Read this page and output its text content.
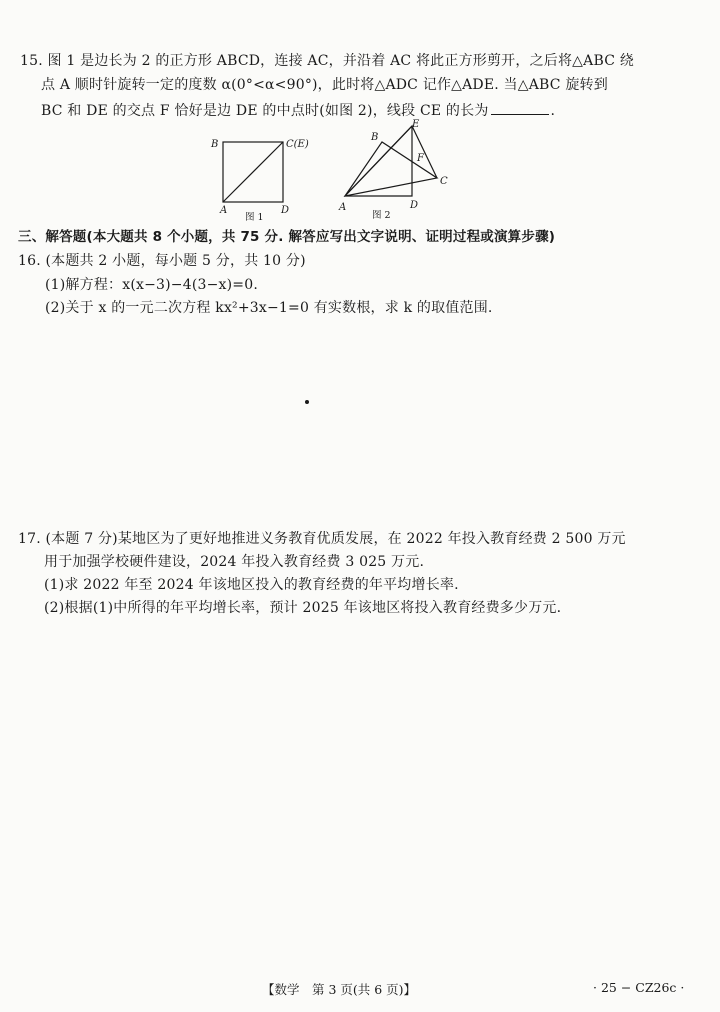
15. 图 1 是边长为 2 的正方形 ABCD，连接 AC，并沿着 AC 将此正方形剪开，之后将△ABC 绕
点 A 顺时针旋转一定的度数 α(0°<α<90°)，此时将△ADC 记作△ADE. 当△ABC 旋转到
BC 和 DE 的交点 F 恰好是边 DE 的中点时(如图 2)，线段 CE 的长为	.
B	C(E)
A	D
图 1
B
E
F
C
A	D
图 2
三、解答题(本大题共 8 个小题，共 75 分. 解答应写出文字说明、证明过程或演算步骤)
16. (本题共 2 小题，每小题 5 分，共 10 分)
(1)解方程：x(x−3)−4(3−x)=0.
(2)关于 x 的一元二次方程 kx²+3x−1=0 有实数根，求 k 的取值范围.
17. (本题 7 分)某地区为了更好地推进义务教育优质发展，在 2022 年投入教育经费 2 500 万元
用于加强学校硬件建设，2024 年投入教育经费 3 025 万元.
(1)求 2022 年至 2024 年该地区投入的教育经费的年平均增长率.
(2)根据(1)中所得的年平均增长率，预计 2025 年该地区将投入教育经费多少万元.
【数学　第 3 页(共 6 页)】	· 25 − CZ26c ·
